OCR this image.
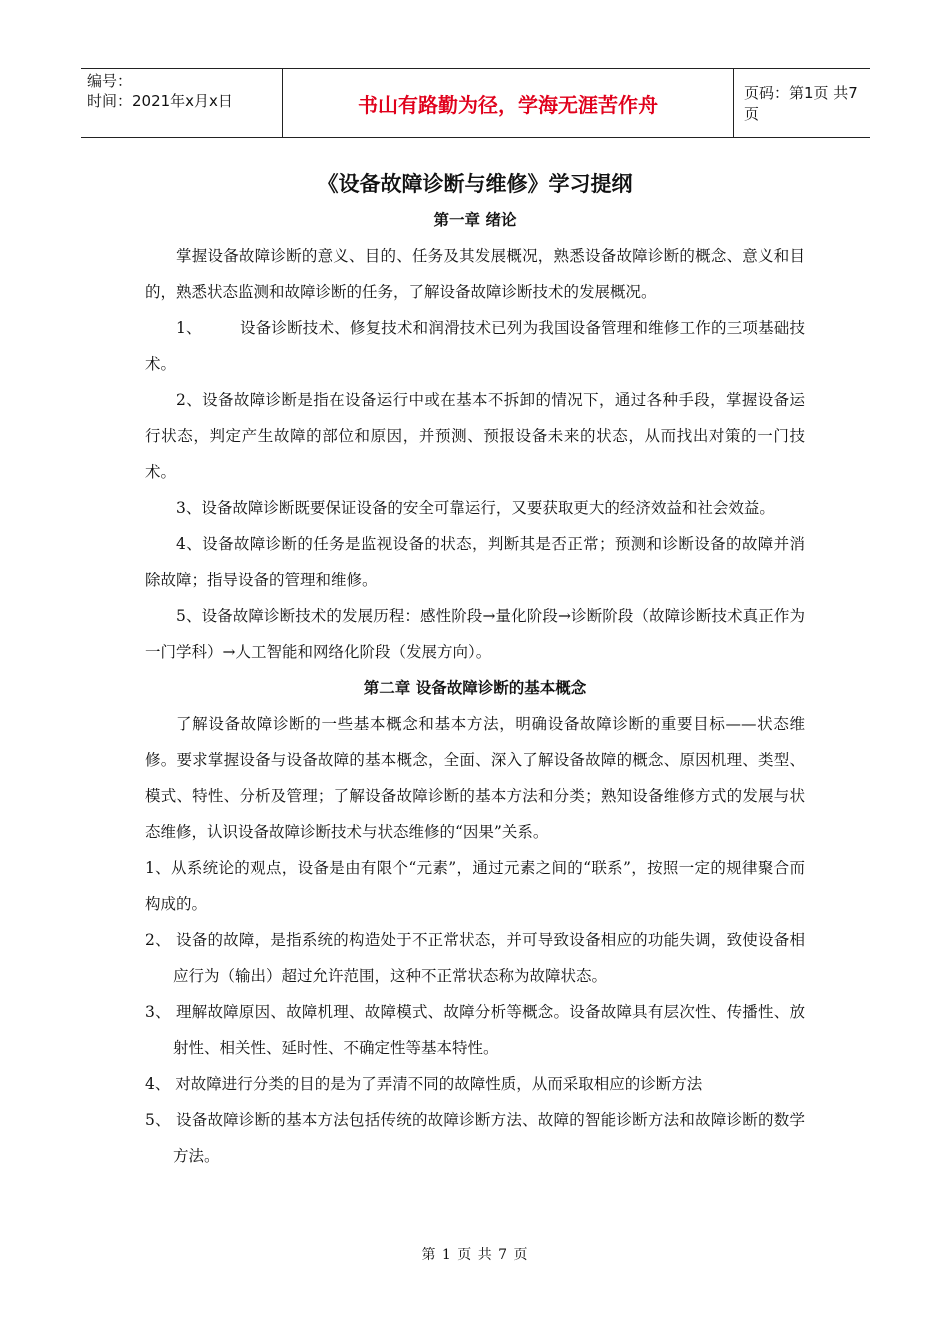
编号：
时间：2021年x月x日	书山有路勤为径，学海无涯苦作舟	页码：第1页 共7页
《设备故障诊断与维修》学习提纲
第一章 绪论

掌握设备故障诊断的意义、目的、任务及其发展概况，熟悉设备故障诊断的概念、意义和目的，熟悉状态监测和故障诊断的任务，了解设备故障诊断技术的发展概况。

1、 设备诊断技术、修复技术和润滑技术已列为我国设备管理和维修工作的三项基础技术。

2、设备故障诊断是指在设备运行中或在基本不拆卸的情况下，通过各种手段，掌握设备运行状态，判定产生故障的部位和原因，并预测、预报设备未来的状态，从而找出对策的一门技术。

3、设备故障诊断既要保证设备的安全可靠运行，又要获取更大的经济效益和社会效益。

4、设备故障诊断的任务是监视设备的状态，判断其是否正常；预测和诊断设备的故障并消除故障；指导设备的管理和维修。

5、设备故障诊断技术的发展历程：感性阶段→量化阶段→诊断阶段（故障诊断技术真正作为一门学科）→人工智能和网络化阶段（发展方向）。

第二章 设备故障诊断的基本概念

了解设备故障诊断的一些基本概念和基本方法，明确设备故障诊断的重要目标——状态维修。要求掌握设备与设备故障的基本概念，全面、深入了解设备故障的概念、原因机理、类型、模式、特性、分析及管理；了解设备故障诊断的基本方法和分类；熟知设备维修方式的发展与状态维修，认识设备故障诊断技术与状态维修的“因果”关系。

1、从系统论的观点，设备是由有限个“元素”，通过元素之间的“联系”，按照一定的规律聚合而构成的。

2、 设备的故障，是指系统的构造处于不正常状态，并可导致设备相应的功能失调，致使设备相应行为（输出）超过允许范围，这种不正常状态称为故障状态。

3、 理解故障原因、故障机理、故障模式、故障分析等概念。设备故障具有层次性、传播性、放射性、相关性、延时性、不确定性等基本特性。

4、 对故障进行分类的目的是为了弄清不同的故障性质，从而采取相应的诊断方法

5、 设备故障诊断的基本方法包括传统的故障诊断方法、故障的智能诊断方法和故障诊断的数学方法。

第 1 页 共 7 页
